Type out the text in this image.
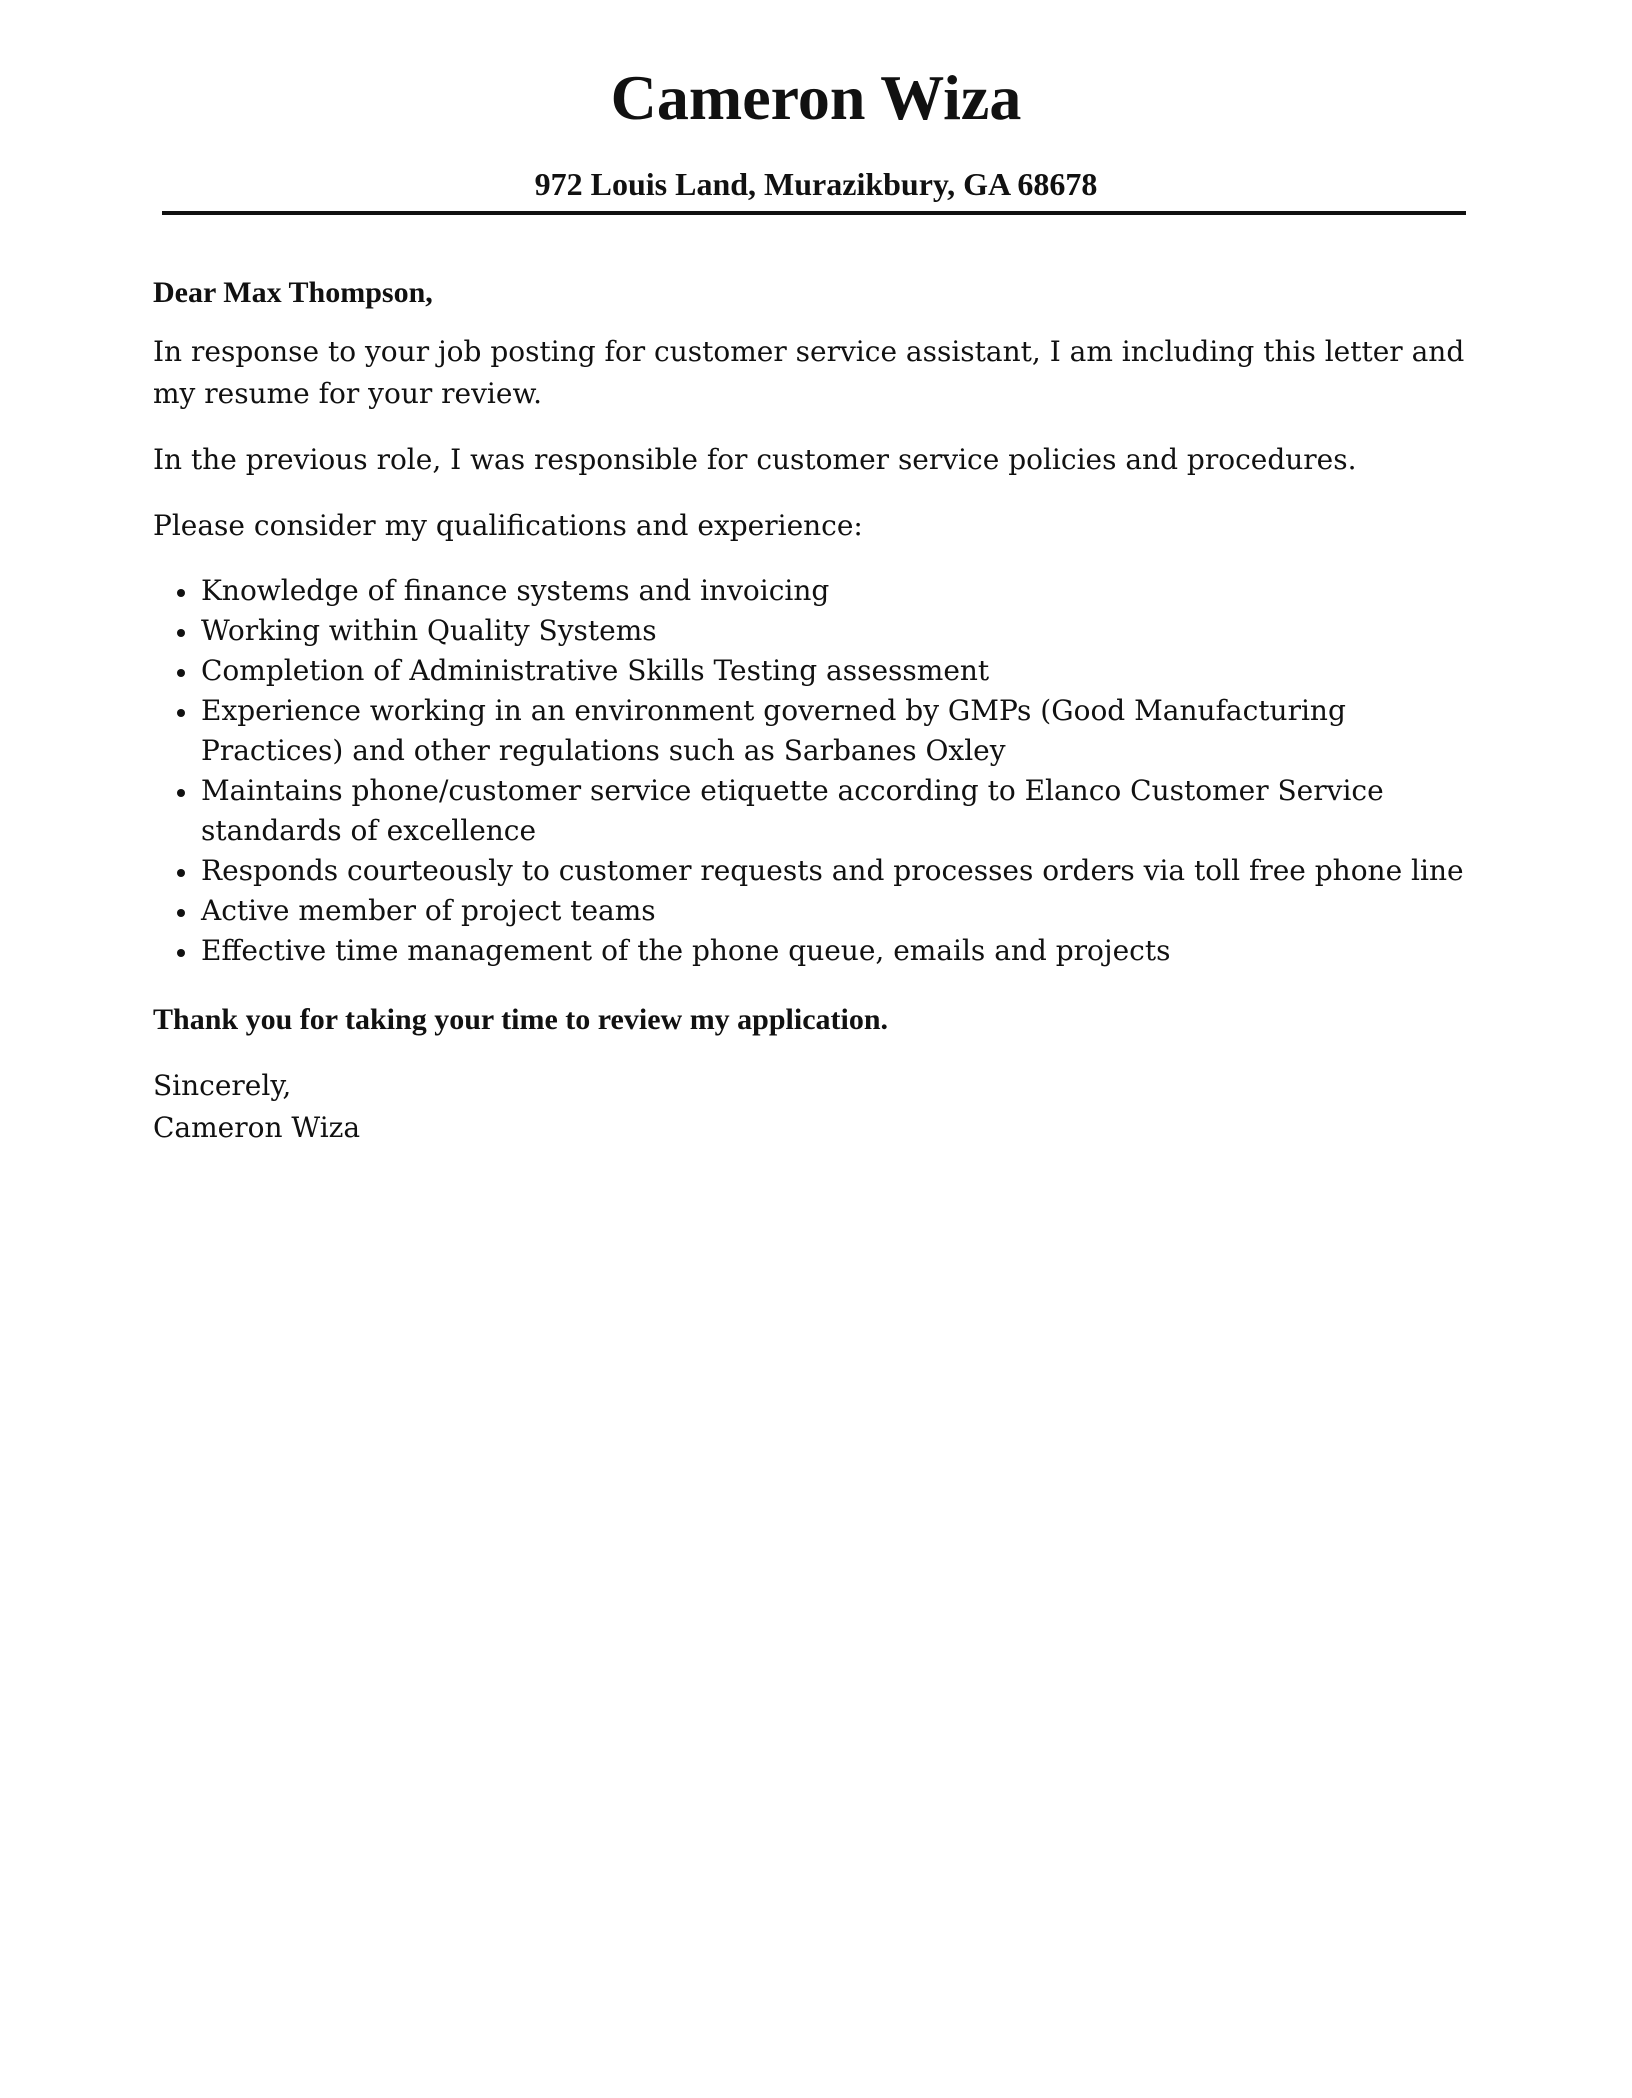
Cameron Wiza
972 Louis Land, Murazikbury, GA 68678

Dear Max Thompson,

In response to your job posting for customer service assistant, I am including this letter and my resume for your review.

In the previous role, I was responsible for customer service policies and procedures.

Please consider my qualifications and experience:

Knowledge of finance systems and invoicing
Working within Quality Systems
Completion of Administrative Skills Testing assessment
Experience working in an environment governed by GMPs (Good Manufacturing Practices) and other regulations such as Sarbanes Oxley
Maintains phone/customer service etiquette according to Elanco Customer Service standards of excellence
Responds courteously to customer requests and processes orders via toll free phone line
Active member of project teams
Effective time management of the phone queue, emails and projects

Thank you for taking your time to review my application.

Sincerely,

Cameron Wiza
